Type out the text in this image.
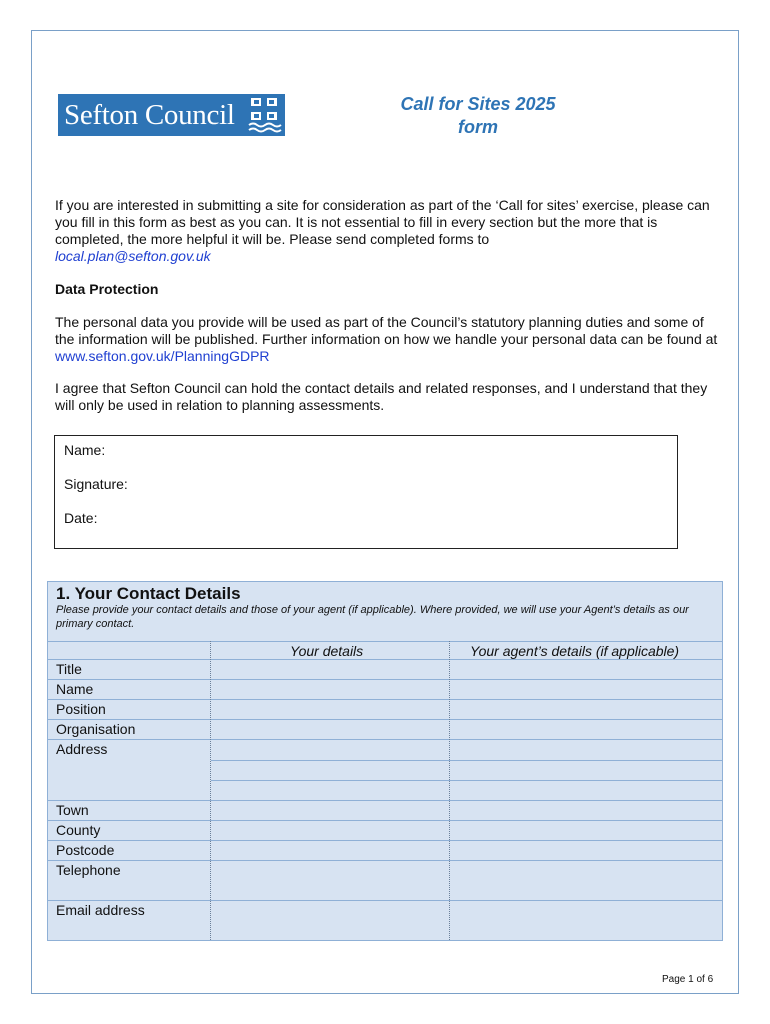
Sefton Council	Call for Sites 2025
form
If you are interested in submitting a site for consideration as part of the ‘Call for sites’ exercise, please can you fill in this form as best as you can. It is not essential to fill in every section but the more that is completed, the more helpful it will be. Please send completed forms to
local.plan@sefton.gov.uk
Data Protection
The personal data you provide will be used as part of the Council’s statutory planning duties and some of the information will be published. Further information on how we handle your personal data can be found at www.sefton.gov.uk/PlanningGDPR
I agree that Sefton Council can hold the contact details and related responses, and I understand that they will only be used in relation to planning assessments.
Name:
Signature:
Date:
1. Your Contact Details
Please provide your contact details and those of your agent (if applicable). Where provided, we will use your Agent’s details as our primary contact.
Your details	Your agent’s details (if applicable)
Title
Name
Position
Organisation
Address
Town
County
Postcode
Telephone
Email address
Page 1 of 6
